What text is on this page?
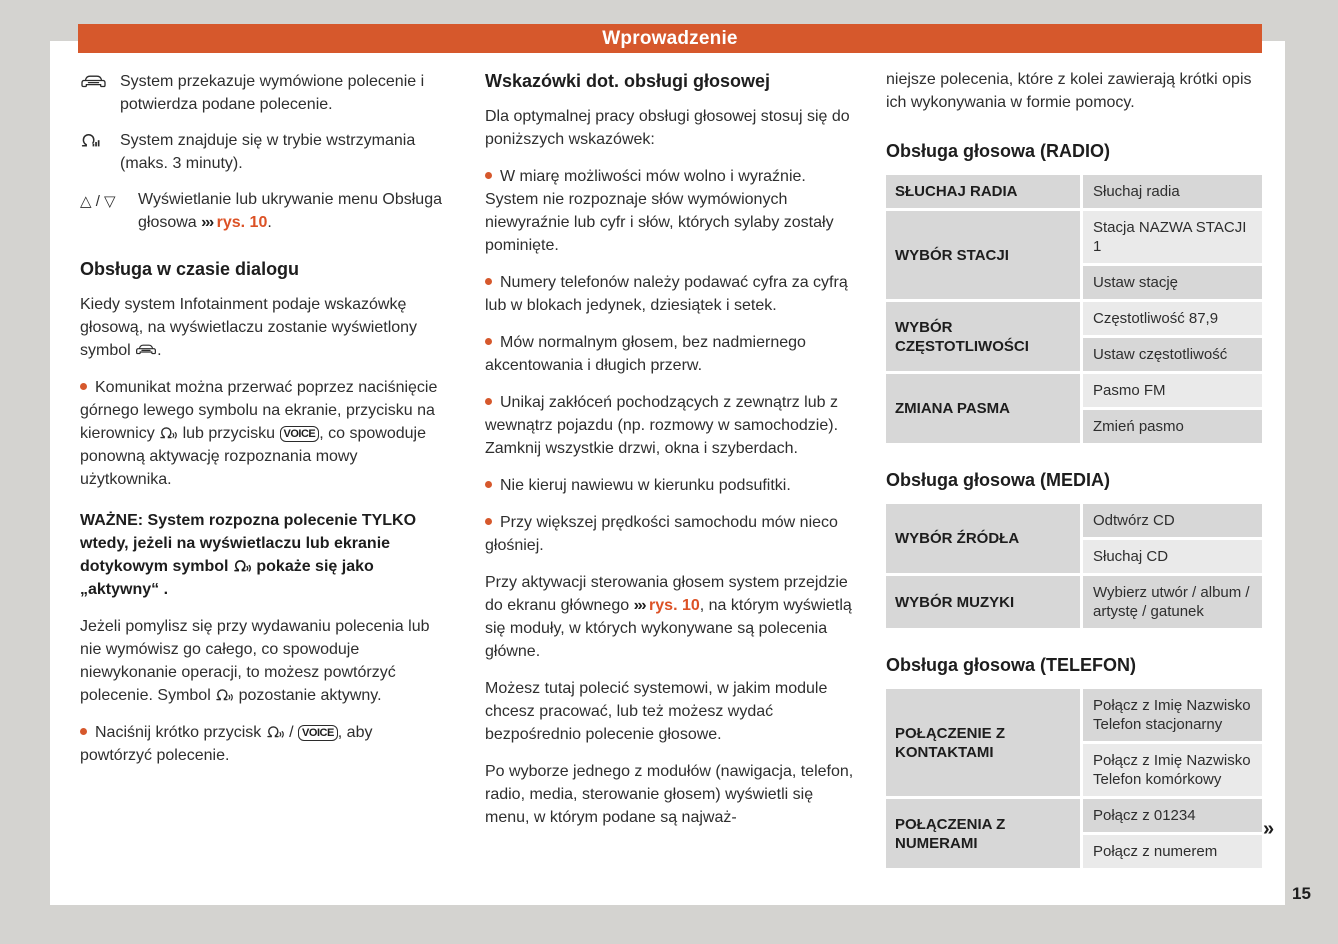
Wprowadzenie
System przekazuje wymówione polecenie i potwierdza podane polecenie.
System znajduje się w trybie wstrzymania (maks. 3 minuty).
△ / ▽	Wyświetlanie lub ukrywanie menu Obsługa głosowa ››› rys. 10.
Obsługa w czasie dialogu

Kiedy system Infotainment podaje wskazówkę głosową, na wyświetlaczu zostanie wyświetlony symbol .

Komunikat można przerwać poprzez naciśnięcie górnego lewego symbolu na ekranie, przycisku na kierownicy  lub przycisku VOICE , co spowoduje ponowną aktywację rozpoznania mowy użytkownika.

WAŻNE: System rozpozna polecenie TYLKO wtedy, jeżeli na wyświetlaczu lub ekranie dotykowym symbol  pokaże się jako „aktywny“ .

Jeżeli pomylisz się przy wydawaniu polecenia lub nie wymówisz go całego, co spowoduje niewykonanie operacji, to możesz powtórzyć polecenie. Symbol  pozostanie aktywny.

Naciśnij krótko przycisk  / VOICE , aby powtórzyć polecenie.

Wskazówki dot. obsługi głosowej

Dla optymalnej pracy obsługi głosowej stosuj się do poniższych wskazówek:

W miarę możliwości mów wolno i wyraźnie. System nie rozpoznaje słów wymówionych niewyraźnie lub cyfr i słów, których sylaby zostały pominięte.

Numery telefonów należy podawać cyfra za cyfrą lub w blokach jedynek, dziesiątek i setek.

Mów normalnym głosem, bez nadmiernego akcentowania i długich przerw.

Unikaj zakłóceń pochodzących z zewnątrz lub z wewnątrz pojazdu (np. rozmowy w samochodzie). Zamknij wszystkie drzwi, okna i szyberdach.

Nie kieruj nawiewu w kierunku podsufitki.

Przy większej prędkości samochodu mów nieco głośniej.

Przy aktywacji sterowania głosem system przejdzie do ekranu głównego ››› rys. 10, na którym wyświetlą się moduły, w których wykonywane są polecenia główne.

Możesz tutaj polecić systemowi, w jakim module chcesz pracować, lub też możesz wydać bezpośrednio polecenie głosowe.

Po wyborze jednego z modułów (nawigacja, telefon, radio, media, sterowanie głosem) wyświetli się menu, w którym podane są najważ-

niejsze polecenia, które z kolei zawierają krótki opis ich wykonywania w formie pomocy.

Obsługa głosowa (RADIO)
SŁUCHAJ RADIA	Słuchaj radia
WYBÓR STACJI
Stacja NAZWA STACJI 1
Ustaw stację
WYBÓR CZĘSTOTLIWOŚCI
Częstotliwość 87,9
Ustaw częstotliwość
ZMIANA PASMA
Pasmo FM
Zmień pasmo
Obsługa głosowa (MEDIA)
WYBÓR ŹRÓDŁA
Odtwórz CD
Słuchaj CD
WYBÓR MUZYKI
Wybierz utwór / album / artystę / gatunek
Obsługa głosowa (TELEFON)
POŁĄCZENIE Z KONTAKTAMI
Połącz z Imię Nazwisko Telefon stacjonarny
Połącz z Imię Nazwisko Telefon komórkowy
POŁĄCZENIA Z NUMERAMI
Połącz z 01234
Połącz z numerem
»
15
